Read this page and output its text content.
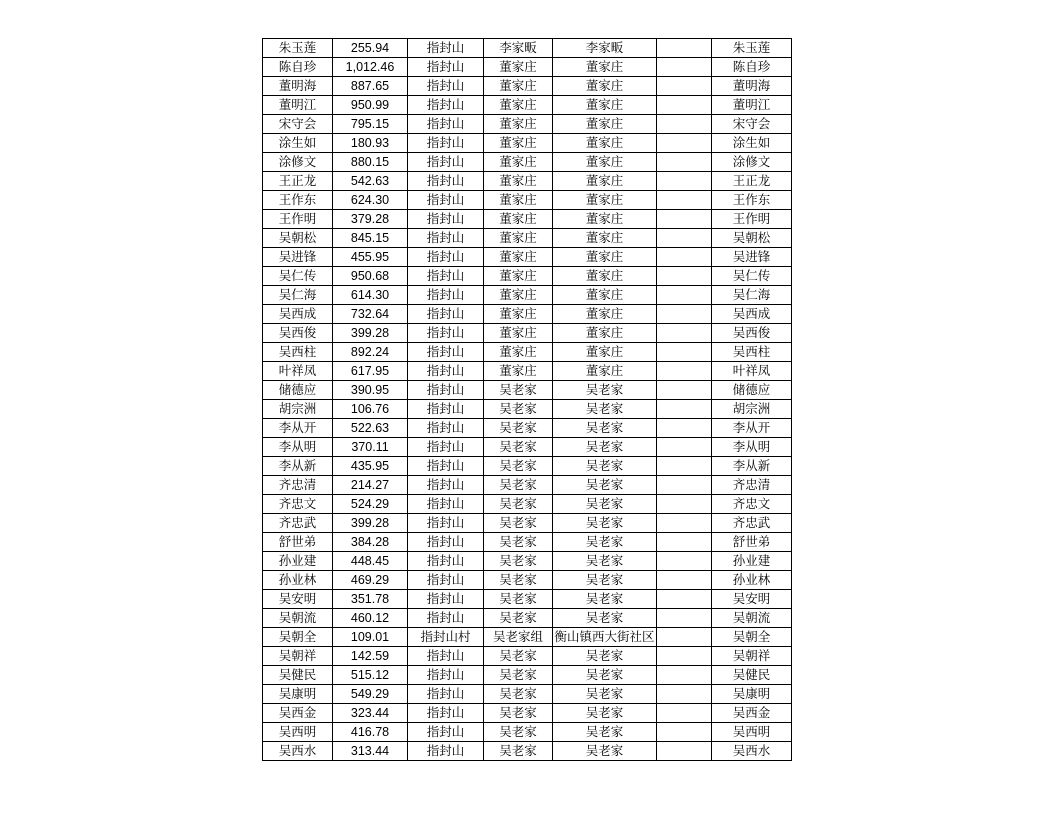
朱玉莲	255.94	指封山	李家畈	李家畈		朱玉莲
陈自珍	1,012.46	指封山	董家庄	董家庄		陈自珍
董明海	887.65	指封山	董家庄	董家庄		董明海
董明江	950.99	指封山	董家庄	董家庄		董明江
宋守会	795.15	指封山	董家庄	董家庄		宋守会
涂生如	180.93	指封山	董家庄	董家庄		涂生如
涂修文	880.15	指封山	董家庄	董家庄		涂修文
王正龙	542.63	指封山	董家庄	董家庄		王正龙
王作东	624.30	指封山	董家庄	董家庄		王作东
王作明	379.28	指封山	董家庄	董家庄		王作明
吴朝松	845.15	指封山	董家庄	董家庄		吴朝松
吴进锋	455.95	指封山	董家庄	董家庄		吴进锋
吴仁传	950.68	指封山	董家庄	董家庄		吴仁传
吴仁海	614.30	指封山	董家庄	董家庄		吴仁海
吴西成	732.64	指封山	董家庄	董家庄		吴西成
吴西俊	399.28	指封山	董家庄	董家庄		吴西俊
吴西柱	892.24	指封山	董家庄	董家庄		吴西柱
叶祥凤	617.95	指封山	董家庄	董家庄		叶祥凤
储德应	390.95	指封山	吴老家	吴老家		储德应
胡宗洲	106.76	指封山	吴老家	吴老家		胡宗洲
李从开	522.63	指封山	吴老家	吴老家		李从开
李从明	370.11	指封山	吴老家	吴老家		李从明
李从新	435.95	指封山	吴老家	吴老家		李从新
齐忠清	214.27	指封山	吴老家	吴老家		齐忠清
齐忠文	524.29	指封山	吴老家	吴老家		齐忠文
齐忠武	399.28	指封山	吴老家	吴老家		齐忠武
舒世弟	384.28	指封山	吴老家	吴老家		舒世弟
孙业建	448.45	指封山	吴老家	吴老家		孙业建
孙业林	469.29	指封山	吴老家	吴老家		孙业林
吴安明	351.78	指封山	吴老家	吴老家		吴安明
吴朝流	460.12	指封山	吴老家	吴老家		吴朝流
吴朝全	109.01	指封山村	吴老家组	衡山镇西大街社区		吴朝全
吴朝祥	142.59	指封山	吴老家	吴老家		吴朝祥
吴健民	515.12	指封山	吴老家	吴老家		吴健民
吴康明	549.29	指封山	吴老家	吴老家		吴康明
吴西金	323.44	指封山	吴老家	吴老家		吴西金
吴西明	416.78	指封山	吴老家	吴老家		吴西明
吴西水	313.44	指封山	吴老家	吴老家		吴西水
